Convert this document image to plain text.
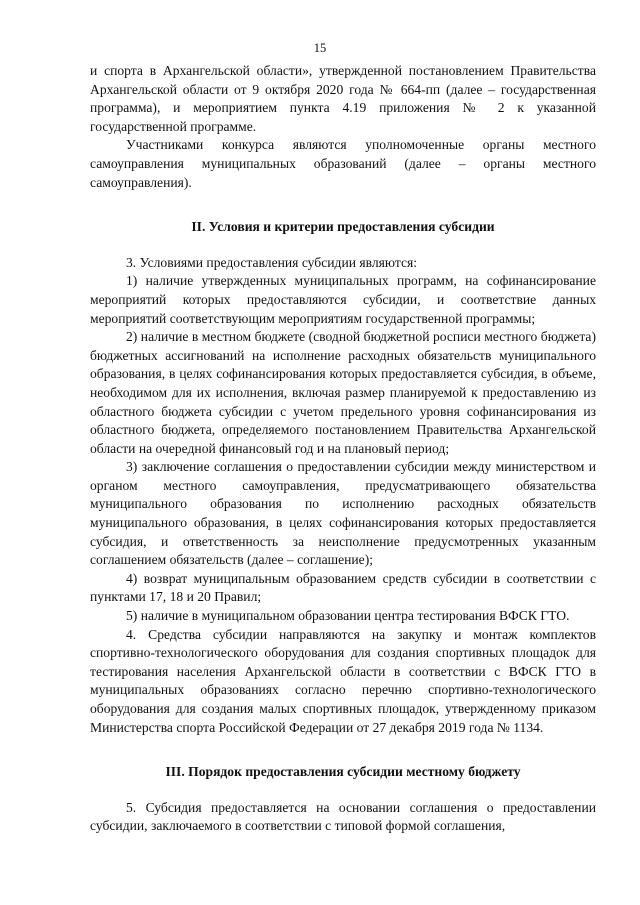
15

и спорта в Архангельской области», утвержденной постановлением Правительства Архангельской области от 9 октября 2020 года № 664-пп (далее – государственная программа), и мероприятием пункта 4.19 приложения № 2 к указанной государственной программе.

Участниками конкурса являются уполномоченные органы местного самоуправления муниципальных образований (далее – органы местного самоуправления).

II. Условия и критерии предоставления субсидии

3. Условиями предоставления субсидии являются:

1) наличие утвержденных муниципальных программ, на софинансирование мероприятий которых предоставляются субсидии, и соответствие данных мероприятий соответствующим мероприятиям государственной программы;

2) наличие в местном бюджете (сводной бюджетной росписи местного бюджета) бюджетных ассигнований на исполнение расходных обязательств муниципального образования, в целях софинансирования которых предоставляется субсидия, в объеме, необходимом для их исполнения, включая размер планируемой к предоставлению из областного бюджета субсидии с учетом предельного уровня софинансирования из областного бюджета, определяемого постановлением Правительства Архангельской области на очередной финансовый год и на плановый период;

3) заключение соглашения о предоставлении субсидии между министерством и органом местного самоуправления, предусматривающего обязательства муниципального образования по исполнению расходных обязательств муниципального образования, в целях софинансирования которых предоставляется субсидия, и ответственность за неисполнение предусмотренных указанным соглашением обязательств (далее – соглашение);

4) возврат муниципальным образованием средств субсидии в соответствии с пунктами 17, 18 и 20 Правил;

5) наличие в муниципальном образовании центра тестирования ВФСК ГТО.

4. Средства субсидии направляются на закупку и монтаж комплектов спортивно-технологического оборудования для создания спортивных площадок для тестирования населения Архангельской области в соответствии с ВФСК ГТО в муниципальных образованиях согласно перечню спортивно-технологического оборудования для создания малых спортивных площадок, утвержденному приказом Министерства спорта Российской Федерации от 27 декабря 2019 года № 1134.

III. Порядок предоставления субсидии местному бюджету

5. Субсидия предоставляется на основании соглашения о предоставлении субсидии, заключаемого в соответствии с типовой формой соглашения,
